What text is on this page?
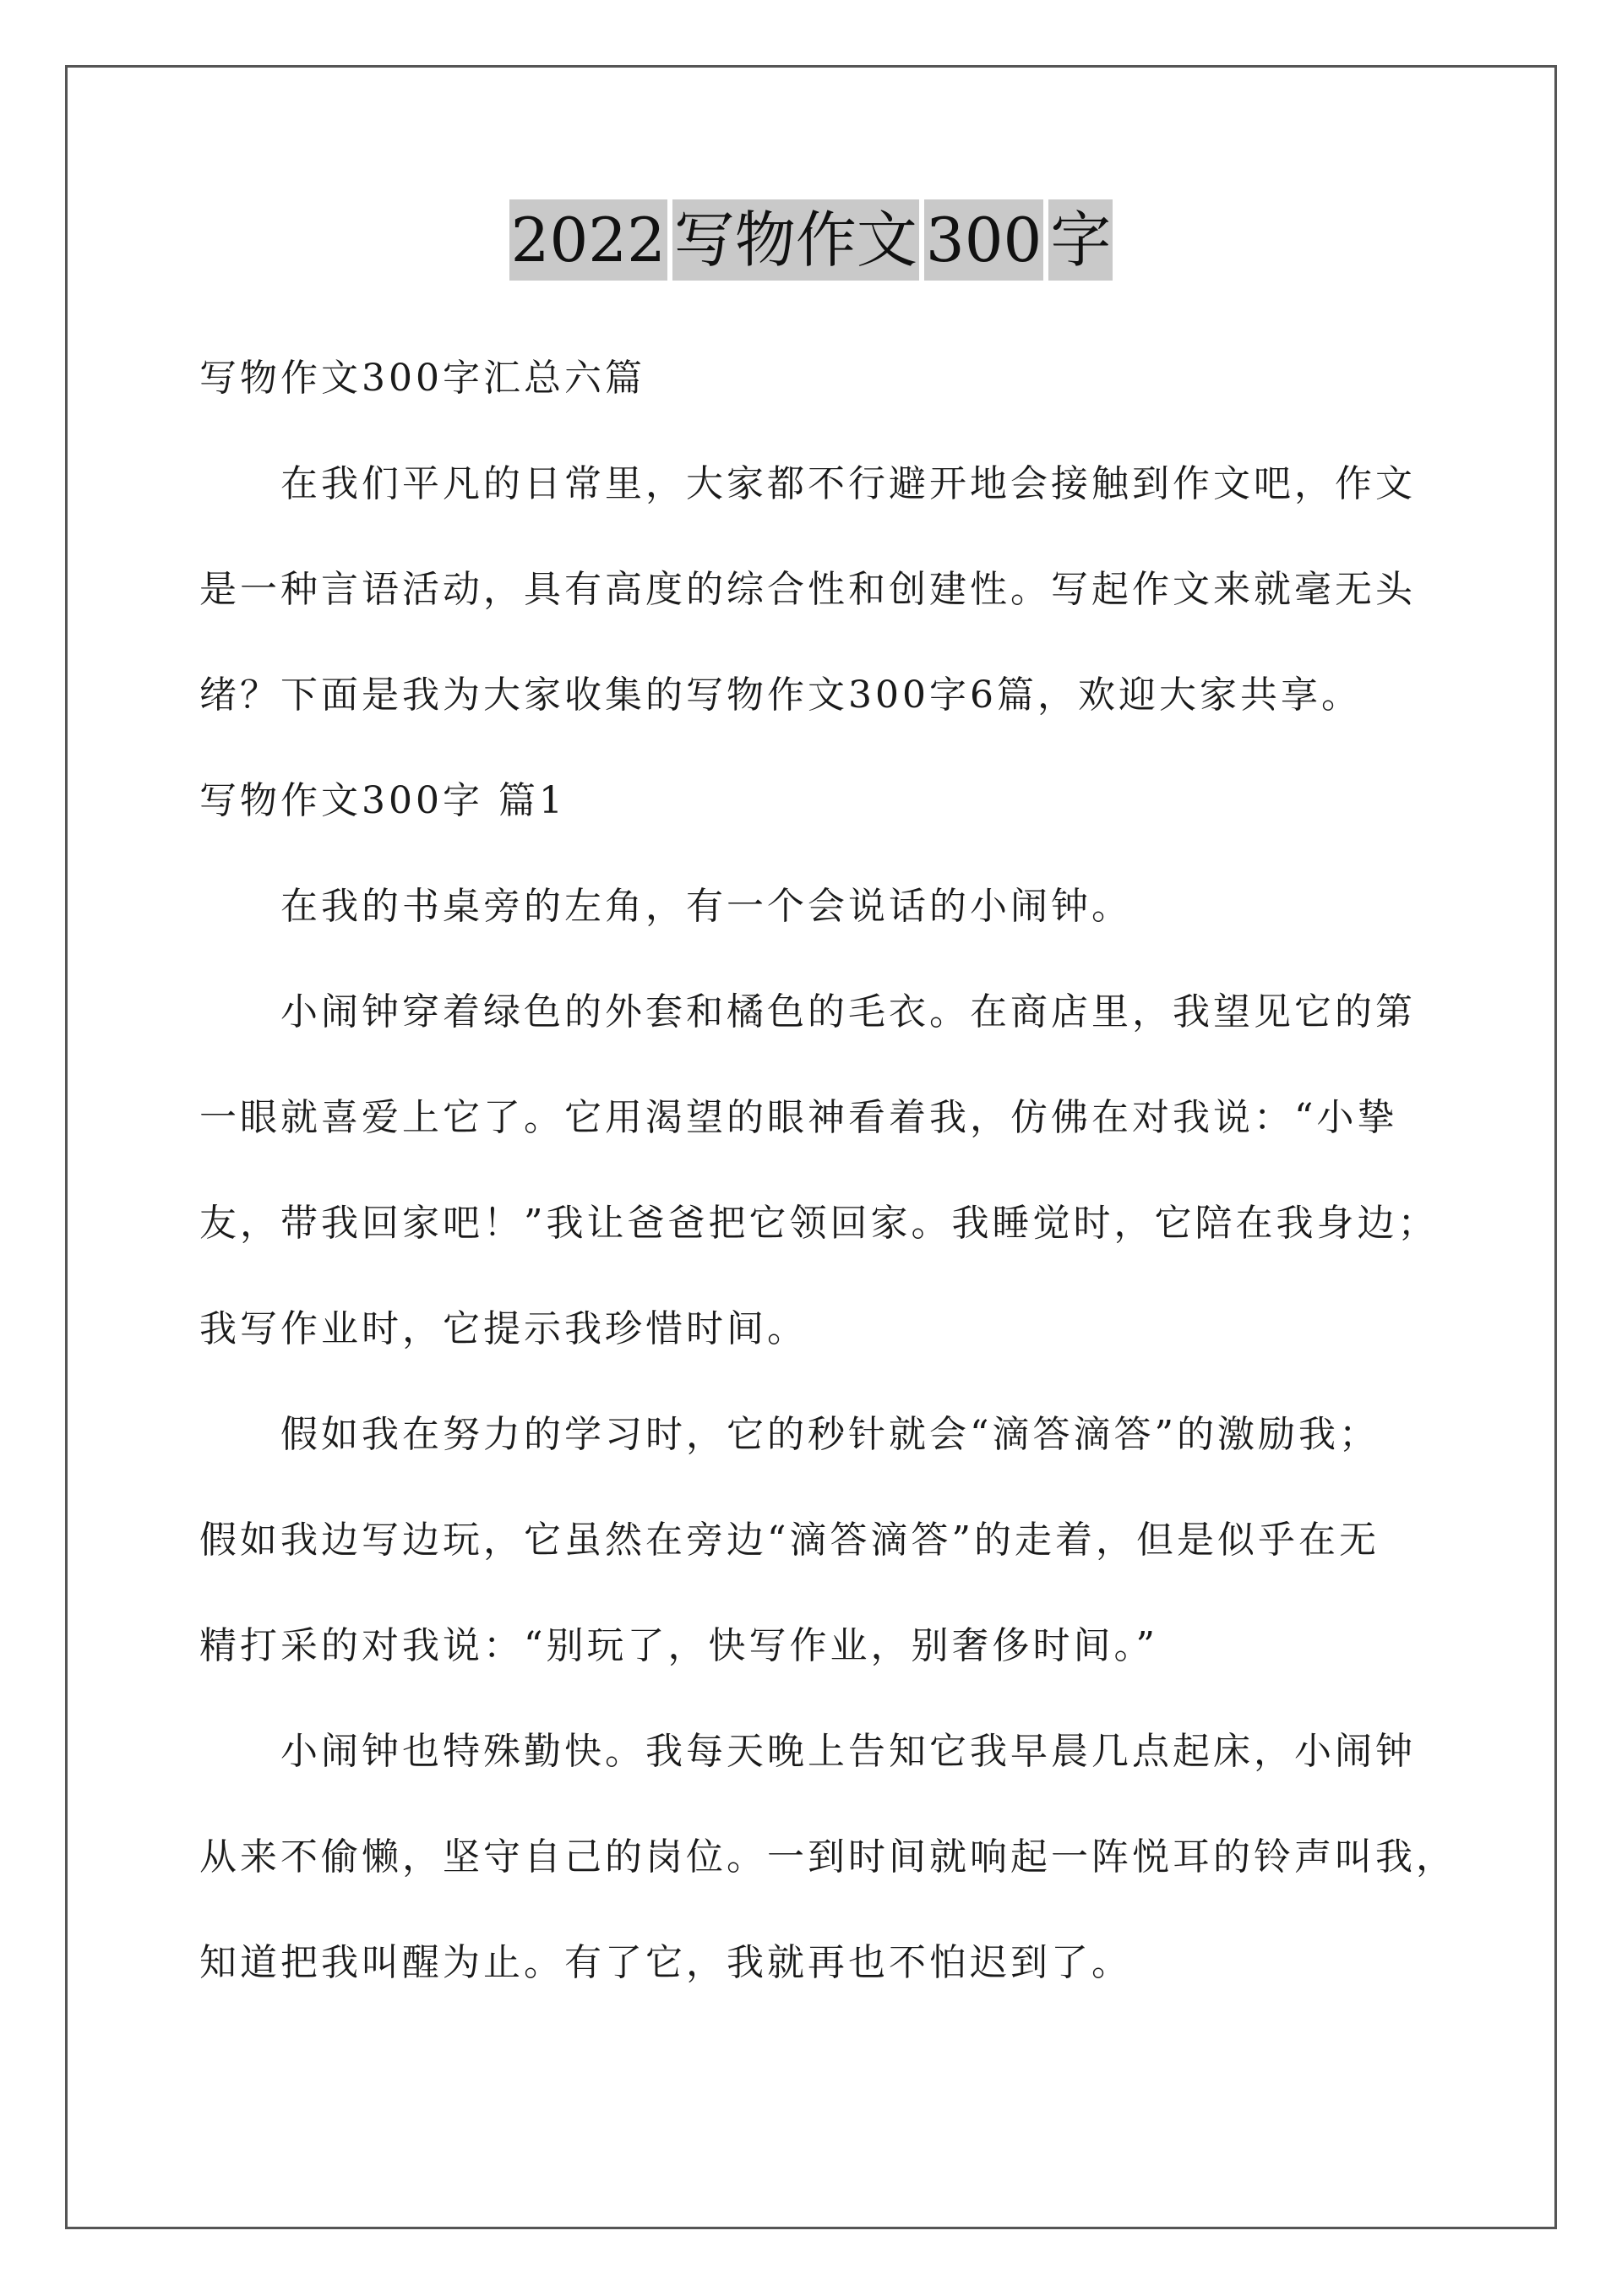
2022 写物作文 300 字
写物作文300字汇总六篇
在我们平凡的日常里，大家都不行避开地会接触到作文吧，作文
是一种言语活动，具有高度的综合性和创建性。写起作文来就毫无头
绪？下面是我为大家收集的写物作文300字6篇，欢迎大家共享。
写物作文300字 篇1
在我的书桌旁的左角，有一个会说话的小闹钟。
小闹钟穿着绿色的外套和橘色的毛衣。在商店里，我望见它的第
一眼就喜爱上它了。它用渴望的眼神看着我，仿佛在对我说：“小挚
友，带我回家吧！”我让爸爸把它领回家。我睡觉时，它陪在我身边；
我写作业时，它提示我珍惜时间。
假如我在努力的学习时，它的秒针就会“滴答滴答”的激励我；
假如我边写边玩，它虽然在旁边“滴答滴答”的走着，但是似乎在无
精打采的对我说：“别玩了，快写作业，别奢侈时间。”
小闹钟也特殊勤快。我每天晚上告知它我早晨几点起床，小闹钟
从来不偷懒，坚守自己的岗位。一到时间就响起一阵悦耳的铃声叫我，
知道把我叫醒为止。有了它，我就再也不怕迟到了。
